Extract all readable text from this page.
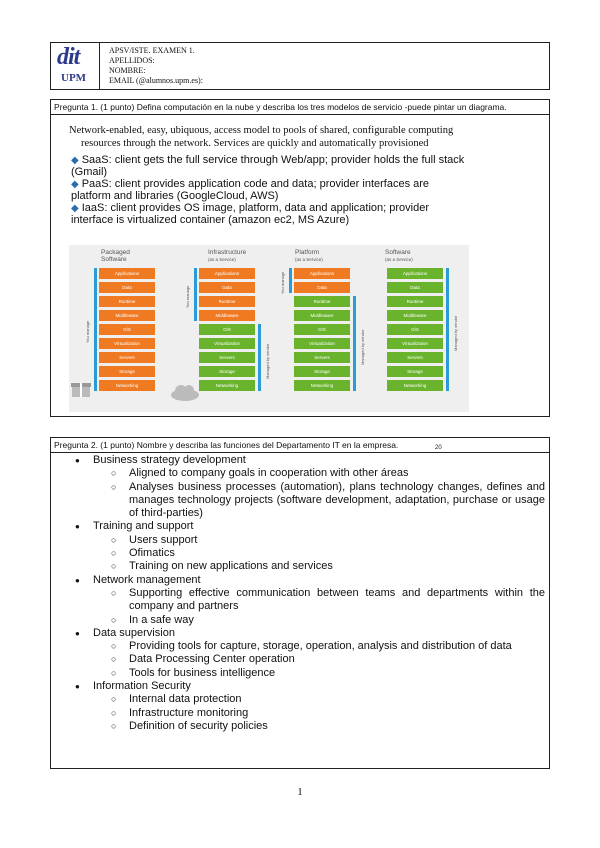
dit
UPM
APSV/ISTE. EXAMEN 1.
APELLIDOS:
NOMBRE:
EMAIL (@alumnos.upm.es):
Pregunta 1. (1 punto) Defina computación en la nube y describa los tres modelos de servicio -puede pintar un diagrama.
Network-enabled, easy, ubiquous, access model to pools of shared, configurable computing
resources through the network. Services are quickly and automatically provisioned
◆ SaaS: client gets the full service through Web/app; provider holds the full stack (Gmail)
◆ PaaS: client provides application code and data; provider interfaces are platform and libraries (GoogleCloud, AWS)
◆ IaaS: client provides OS image, platform, data and application; provider interface is virtualized container (amazon ec2, MS Azure)
Packaged
Software
Infrastructure
(as a Service)
Platform
(as a Service)
Software
(as a Service)
Applications
Data
Runtime
Middleware
O/S
Virtualization
Servers
Storage
Networking
You manage
Applications
Data
Runtime
Middleware
O/S
Virtualization
Servers
Storage
Networking
You manage
Managed by vendor
Applications
Data
Runtime
Middleware
O/S
Virtualization
Servers
Storage
Networking
You manage
Managed by vendor
Applications
Data
Runtime
Middleware
O/S
Virtualization
Servers
Storage
Networking
Managed by vendor
20
Pregunta 2. (1 punto) Nombre y describa las funciones del Departamento IT en la empresa.
● Business strategy development
○ Aligned to company goals in cooperation with other áreas
○ Analyses business processes (automation), plans technology changes, defines and manages technology projects (software development, adaptation, purchase or usage of third-parties)
● Training and support
○ Users support
○ Ofimatics
○ Training on new applications and services
● Network management
○ Supporting effective communication between teams and departments within the company and partners
○ In a safe way
● Data supervision
○ Providing tools for capture, storage, operation, analysis and distribution of data
○ Data Processing Center operation
○ Tools for business intelligence
● Information Security
○ Internal data protection
○ Infrastructure monitoring
○ Definition of security policies
1
